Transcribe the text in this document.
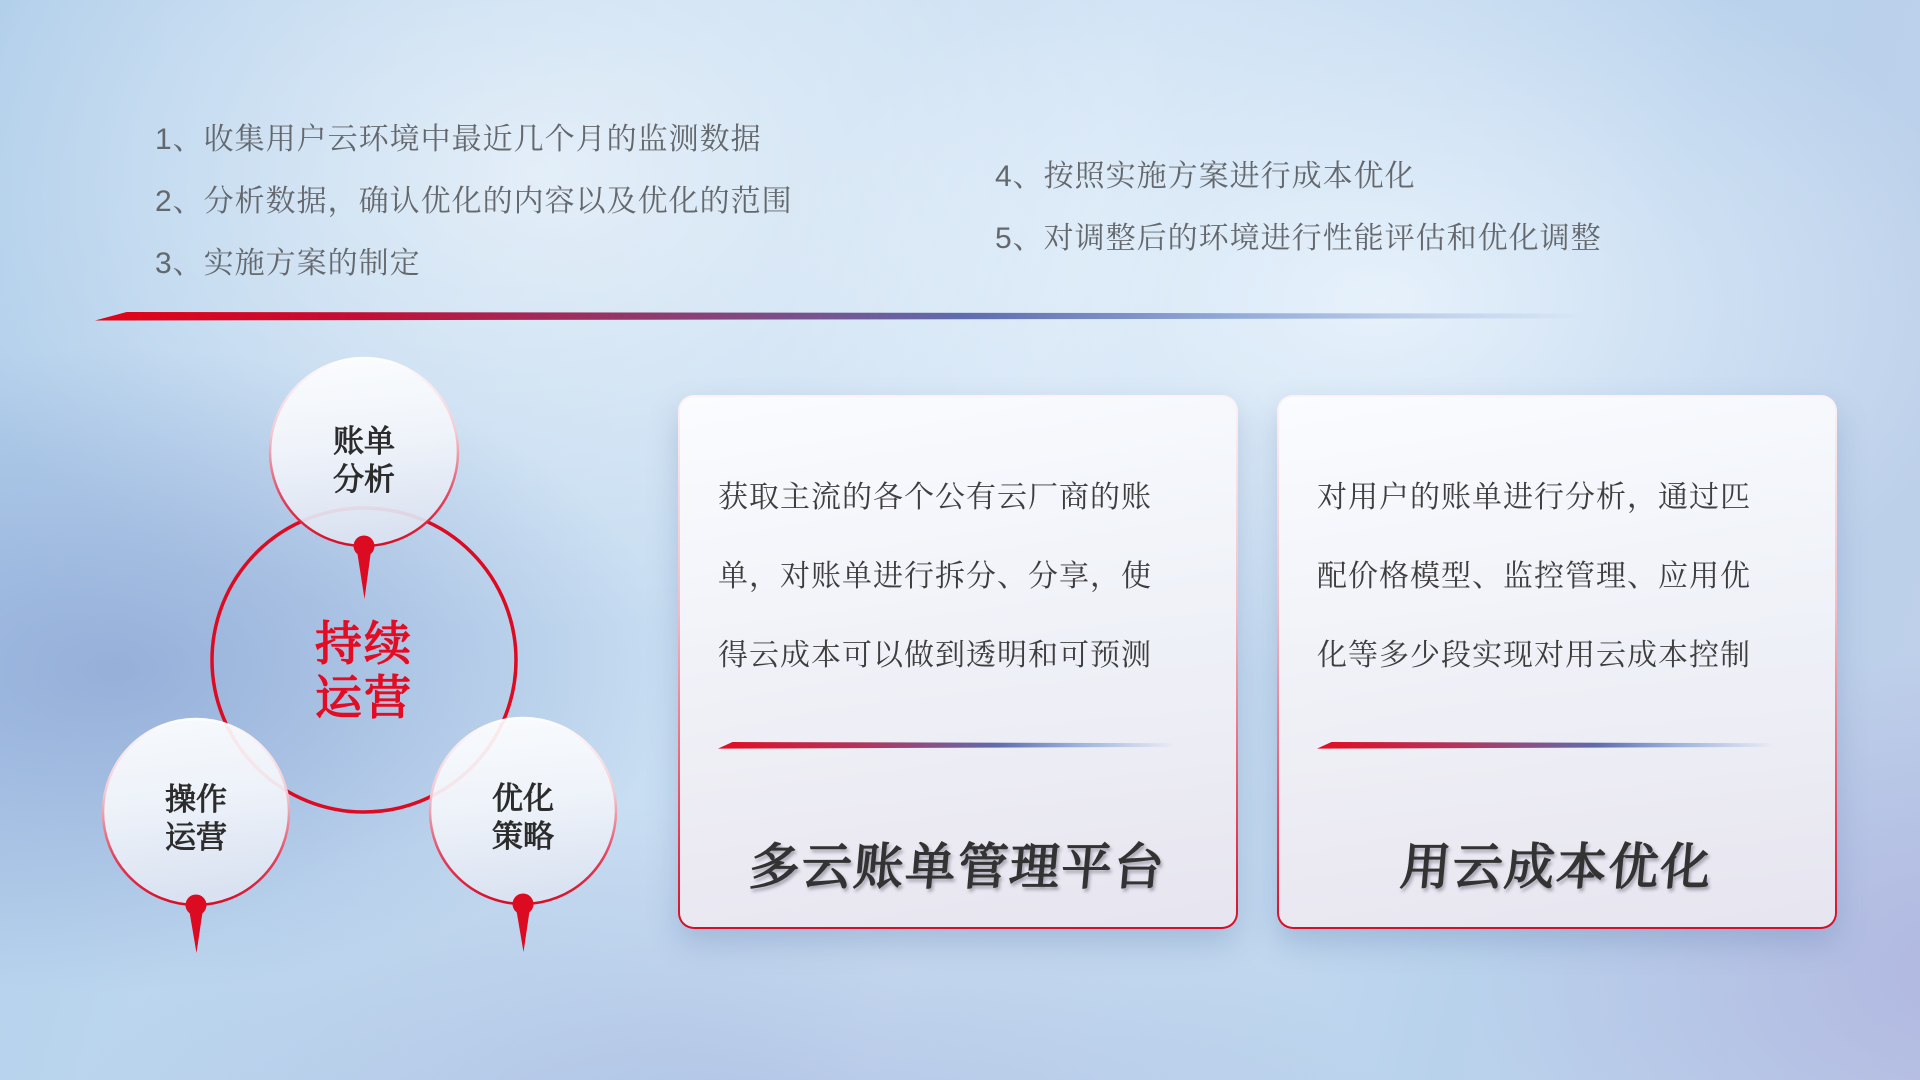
1、收集用户云环境中最近几个月的监测数据
2、分析数据，确认优化的内容以及优化的范围
3、实施方案的制定
4、按照实施方案进行成本优化
5、对调整后的环境进行性能评估和优化调整
账单
分析
操作
运营
优化
策略
持续
运营
获取主流的各个公有云厂商的账
单，对账单进行拆分、分享，使
得云成本可以做到透明和可预测
多云账单管理平台
对用户的账单进行分析，通过匹
配价格模型、监控管理、应用优
化等多少段实现对用云成本控制
用云成本优化
